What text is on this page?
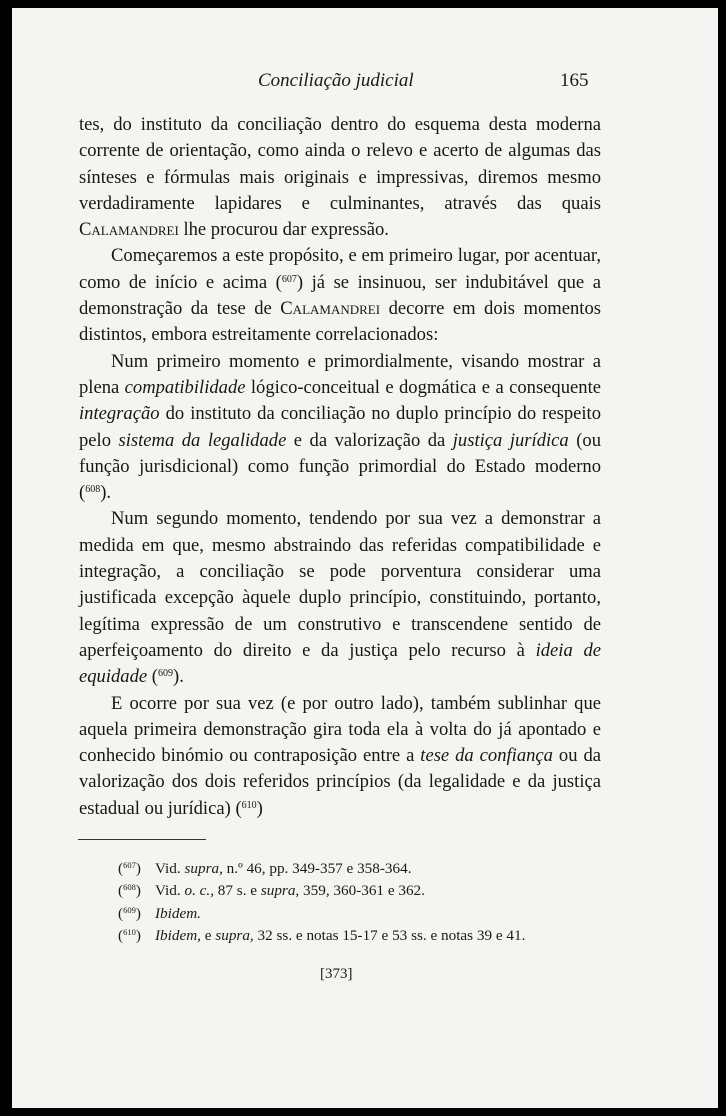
Conciliação judicial	165

tes, do instituto da conciliação dentro do esquema desta moderna corrente de orientação, como ainda o relevo e acerto de algumas das sínteses e fórmulas mais originais e impressivas, diremos mesmo verdadiramente lapidares e culminantes, através das quais Calamandrei lhe procurou dar expressão.

Começaremos a este propósito, e em primeiro lugar, por acentuar, como de início e acima ($^{607}$) já se insinuou, ser indubitável que a demonstração da tese de Calamandrei decorre em dois momentos distintos, embora estreitamente correlacionados:

Num primeiro momento e primordialmente, visando mostrar a plena compatibilidade lógico-conceitual e dogmática e a consequente integração do instituto da conciliação no duplo princípio do respeito pelo sistema da legalidade e da valorização da justiça jurídica (ou função jurisdicional) como função primordial do Estado moderno ($^{608}$).

Num segundo momento, tendendo por sua vez a demonstrar a medida em que, mesmo abstraindo das referidas compatibilidade e integração, a conciliação se pode porventura considerar uma justificada excepção àquele duplo princípio, constituindo, portanto, legítima expressão de um construtivo e transcendene sentido de aperfeiçoamento do direito e da justiça pelo recurso à ideia de equidade ($^{609}$).

E ocorre por sua vez (e por outro lado), também sublinhar que aquela primeira demonstração gira toda ela à volta do já apontado e conhecido binómio ou contraposição entre a tese da confiança ou da valorização dos dois referidos princípios (da legalidade e da justiça estadual ou jurídica) ($^{610}$)

($^{607}$) Vid. supra, n.º 46, pp. 349-357 e 358-364.
($^{608}$) Vid. o. c., 87 s. e supra, 359, 360-361 e 362.
($^{609}$) Ibidem.
($^{610}$) Ibidem, e supra, 32 ss. e notas 15-17 e 53 ss. e notas 39 e 41.
[373]
